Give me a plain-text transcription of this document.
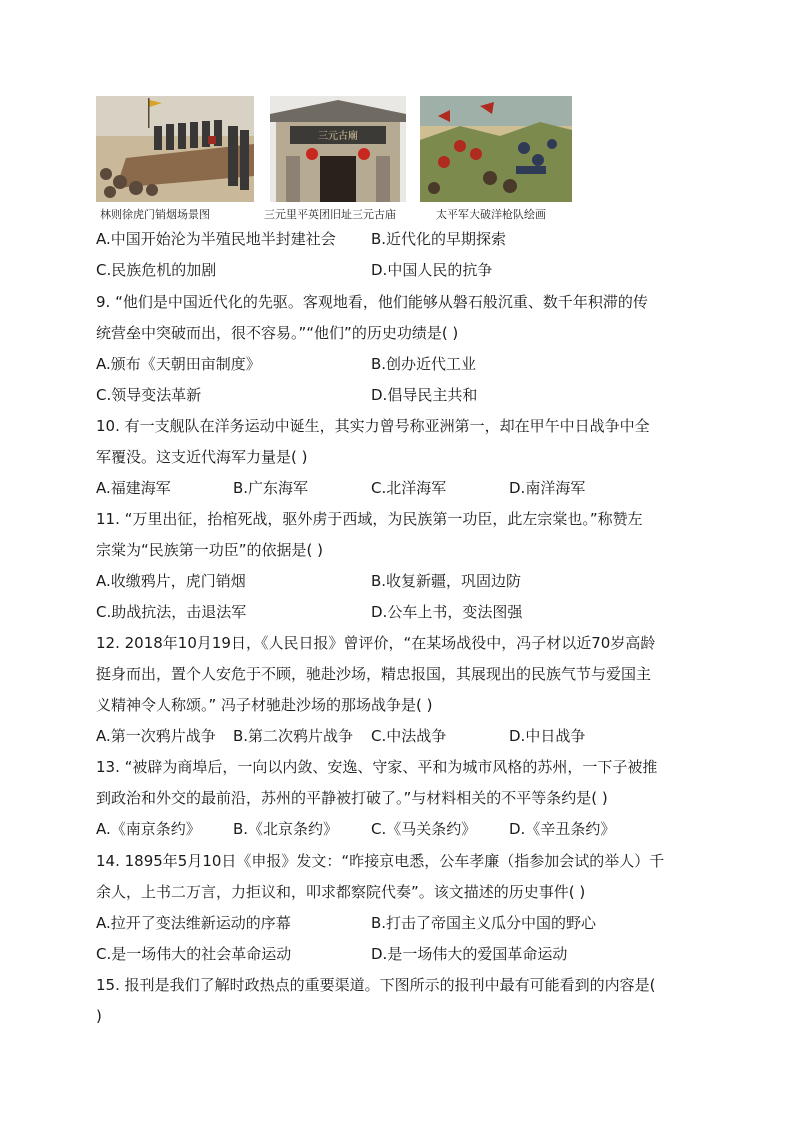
林则徐虎门销烟场景图
三元古廟
三元里平英团旧址三元古庙	太平军大破洋枪队绘画
A.中国开始沦为半殖民地半封建社会 B.近代化的早期探索
C.民族危机的加剧	D.中国人民的抗争
9. “他们是中国近代化的先驱。客观地看，他们能够从磐石般沉重、数千年积滞的传
统营垒中突破而出，很不容易。”“他们”的历史功绩是( )
A.颁布《天朝田亩制度》	B.创办近代工业
C.领导变法革新	D.倡导民主共和
10. 有一支舰队在洋务运动中诞生，其实力曾号称亚洲第一，却在甲午中日战争中全
军覆没。这支近代海军力量是( )
A.福建海军	B.广东海军	C.北洋海军	D.南洋海军
11. “万里出征，抬棺死战，驱外虏于西域，为民族第一功臣，此左宗棠也。”称赞左
宗棠为“民族第一功臣”的依据是( )
A.收缴鸦片，虎门销烟	B.收复新疆，巩固边防
C.助战抗法，击退法军	D.公车上书，变法图强
12. 2018年10月19日，《人民日报》曾评价，“在某场战役中，冯子材以近70岁高龄
挺身而出，置个人安危于不顾，驰赴沙场，精忠报国，其展现出的民族气节与爱国主
义精神令人称颂。” 冯子材驰赴沙场的那场战争是( )
A.第一次鸦片战争 B.第二次鸦片战争 C.中法战争	D.中日战争
13. “被辟为商埠后，一向以内敛、安逸、守家、平和为城市风格的苏州，一下子被推
到政治和外交的最前沿，苏州的平静被打破了。”与材料相关的不平等条约是( )
A.《南京条约》 B.《北京条约》 C.《马关条约》 D.《辛丑条约》
14. 1895年5月10日《申报》发文：“昨接京电悉，公车孝廉（指参加会试的举人）千
余人，上书二万言，力拒议和，叩求都察院代奏”。该文描述的历史事件( )
A.拉开了变法维新运动的序幕	B.打击了帝国主义瓜分中国的野心
C.是一场伟大的社会革命运动	D.是一场伟大的爱国革命运动
15. 报刊是我们了解时政热点的重要渠道。下图所示的报刊中最有可能看到的内容是(
)
